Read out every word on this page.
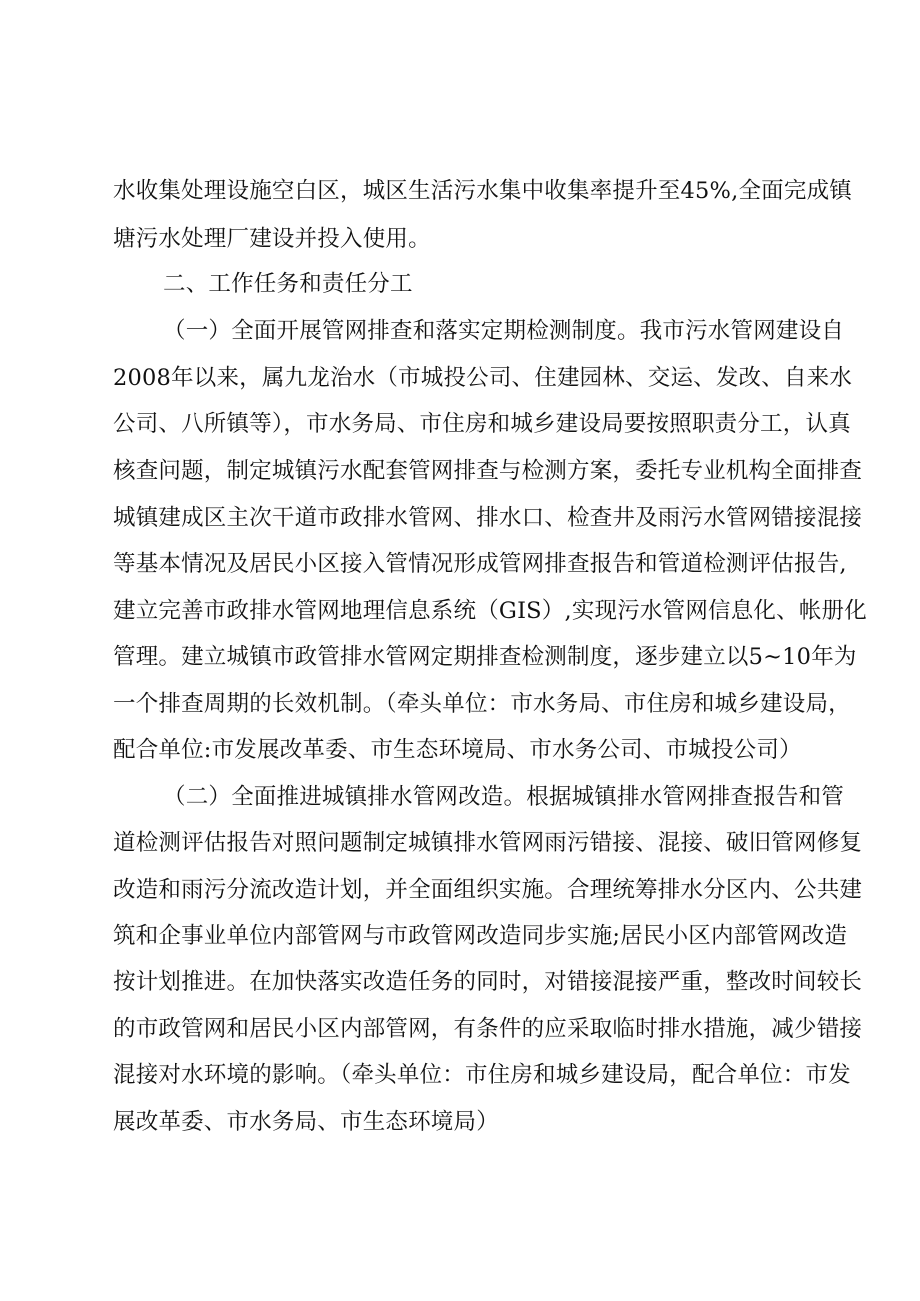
水收集处理设施空白区，城区生活污水集中收集率提升至45%,全面完成镇
塘污水处理厂建设并投入使用。
二、工作任务和责任分工
（一）全面开展管网排查和落实定期检测制度。我市污水管网建设自
2008年以来，属九龙治水（市城投公司、住建园林、交运、发改、自来水
公司、八所镇等），市水务局、市住房和城乡建设局要按照职责分工，认真
核查问题，制定城镇污水配套管网排查与检测方案，委托专业机构全面排查
城镇建成区主次干道市政排水管网、排水口、检查井及雨污水管网错接混接
等基本情况及居民小区接入管情况形成管网排查报告和管道检测评估报告,
建立完善市政排水管网地理信息系统（GIS）,实现污水管网信息化、帐册化
管理。建立城镇市政管排水管网定期排查检测制度，逐步建立以5~10年为
一个排查周期的长效机制。（牵头单位：市水务局、市住房和城乡建设局，
配合单位:市发展改革委、市生态环境局、市水务公司、市城投公司）
（二）全面推进城镇排水管网改造。根据城镇排水管网排查报告和管
道检测评估报告对照问题制定城镇排水管网雨污错接、混接、破旧管网修复
改造和雨污分流改造计划，并全面组织实施。合理统筹排水分区内、公共建
筑和企事业单位内部管网与市政管网改造同步实施;居民小区内部管网改造
按计划推进。在加快落实改造任务的同时，对错接混接严重，整改时间较长
的市政管网和居民小区内部管网，有条件的应采取临时排水措施，减少错接
混接对水环境的影响。（牵头单位：市住房和城乡建设局，配合单位：市发
展改革委、市水务局、市生态环境局）
